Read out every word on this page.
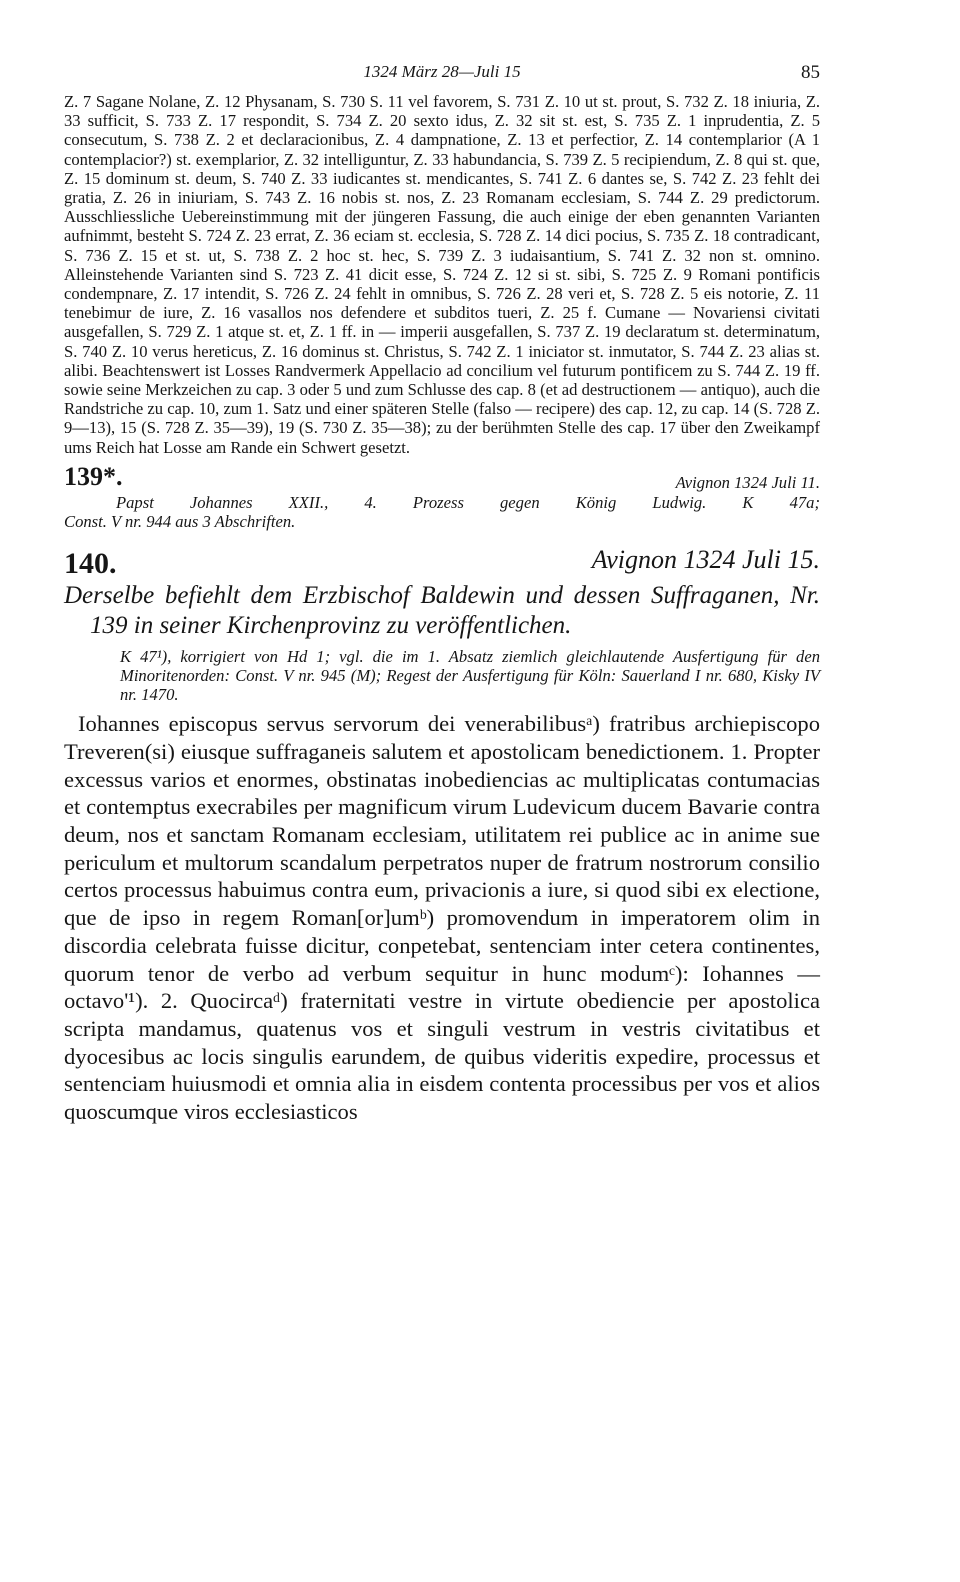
1324 März 28—Juli 15	85

Z. 7 Sagane Nolane, Z. 12 Physanam, S. 730 S. 11 vel favorem, S. 731 Z. 10 ut st. prout, S. 732 Z. 18 iniuria, Z. 33 sufficit, S. 733 Z. 17 respondit, S. 734 Z. 20 sexto idus, Z. 32 sit st. est, S. 735 Z. 1 inprudentia, Z. 5 consecutum, S. 738 Z. 2 et declaracionibus, Z. 4 dampnatione, Z. 13 et perfectior, Z. 14 contemplarior (A 1 contemplacior?) st. exemplarior, Z. 32 intelliguntur, Z. 33 habundancia, S. 739 Z. 5 recipiendum, Z. 8 qui st. que, Z. 15 dominum st. deum, S. 740 Z. 33 iudicantes st. mendicantes, S. 741 Z. 6 dantes se, S. 742 Z. 23 fehlt dei gratia, Z. 26 in iniuriam, S. 743 Z. 16 nobis st. nos, Z. 23 Romanam ecclesiam, S. 744 Z. 29 predictorum. Ausschliessliche Uebereinstimmung mit der jüngeren Fassung, die auch einige der eben genannten Varianten aufnimmt, besteht S. 724 Z. 23 errat, Z. 36 eciam st. ecclesia, S. 728 Z. 14 dici pocius, S. 735 Z. 18 contradicant, S. 736 Z. 15 et st. ut, S. 738 Z. 2 hoc st. hec, S. 739 Z. 3 iudaisantium, S. 741 Z. 32 non st. omnino. Alleinstehende Varianten sind S. 723 Z. 41 dicit esse, S. 724 Z. 12 si st. sibi, S. 725 Z. 9 Romani pontificis condempnare, Z. 17 intendit, S. 726 Z. 24 fehlt in omnibus, S. 726 Z. 28 veri et, S. 728 Z. 5 eis notorie, Z. 11 tenebimur de iure, Z. 16 vasallos nos defendere et subditos tueri, Z. 25 f. Cumane — Novariensi civitati ausgefallen, S. 729 Z. 1 atque st. et, Z. 1 ff. in — imperii ausgefallen, S. 737 Z. 19 declaratum st. determinatum, S. 740 Z. 10 verus hereticus, Z. 16 dominus st. Christus, S. 742 Z. 1 iniciator st. inmutator, S. 744 Z. 23 alias st. alibi. Beachtenswert ist Losses Randvermerk Appellacio ad concilium vel futurum pontificem zu S. 744 Z. 19 ff. sowie seine Merkzeichen zu cap. 3 oder 5 und zum Schlusse des cap. 8 (et ad destructionem — antiquo), auch die Randstriche zu cap. 10, zum 1. Satz und einer späteren Stelle (falso — recipere) des cap. 12, zu cap. 14 (S. 728 Z. 9—13), 15 (S. 728 Z. 35—39), 19 (S. 730 Z. 35—38); zu der berühmten Stelle des cap. 17 über den Zweikampf ums Reich hat Losse am Rande ein Schwert gesetzt.

139*.	Avignon 1324 Juli 11.
Papst Johannes XXII., 4. Prozess gegen König Ludwig. K 47a;
Const. V nr. 944 aus 3 Abschriften.
140.	Avignon 1324 Juli 15.
Derselbe befiehlt dem Erzbischof Baldewin und dessen Suffraganen, Nr. 139 in seiner Kirchenprovinz zu veröffentlichen.
K 47¹), korrigiert von Hd 1; vgl. die im 1. Absatz ziemlich gleichlautende Ausfertigung für den Minoritenorden: Const. V nr. 945 (M); Regest der Ausfertigung für Köln: Sauerland I nr. 680, Kisky IV nr. 1470.

Iohannes episcopus servus servorum dei venerabilibusᵃ) fratribus archiepiscopo Treveren(si) eiusque suffraganeis salutem et apostolicam benedictionem. 1. Propter excessus varios et enormes, obstinatas inobediencias ac multiplicatas contumacias et contemptus execrabiles per magnificum virum Ludevicum ducem Bavarie contra deum, nos et sanctam Romanam ecclesiam, utilitatem rei publice ac in anime sue periculum et multorum scandalum perpetratos nuper de fratrum nostrorum consilio certos processus habuimus contra eum, privacionis a iure, si quod sibi ex electione, que de ipso in regem Roman[or]umᵇ) promovendum in imperatorem olim in discordia celebrata fuisse dicitur, conpetebat, sentenciam inter cetera continentes, quorum tenor de verbo ad verbum sequitur in hunc modumᶜ): Iohannes — octavo'¹). 2. Quocircaᵈ) fraternitati vestre in virtute obediencie per apostolica scripta mandamus, quatenus vos et singuli vestrum in vestris civitatibus et dyocesibus ac locis singulis earundem, de quibus videritis expedire, processus et sentenciam huiusmodi et omnia alia in eisdem contenta processibus per vos et alios quoscumque viros ecclesiasticos
